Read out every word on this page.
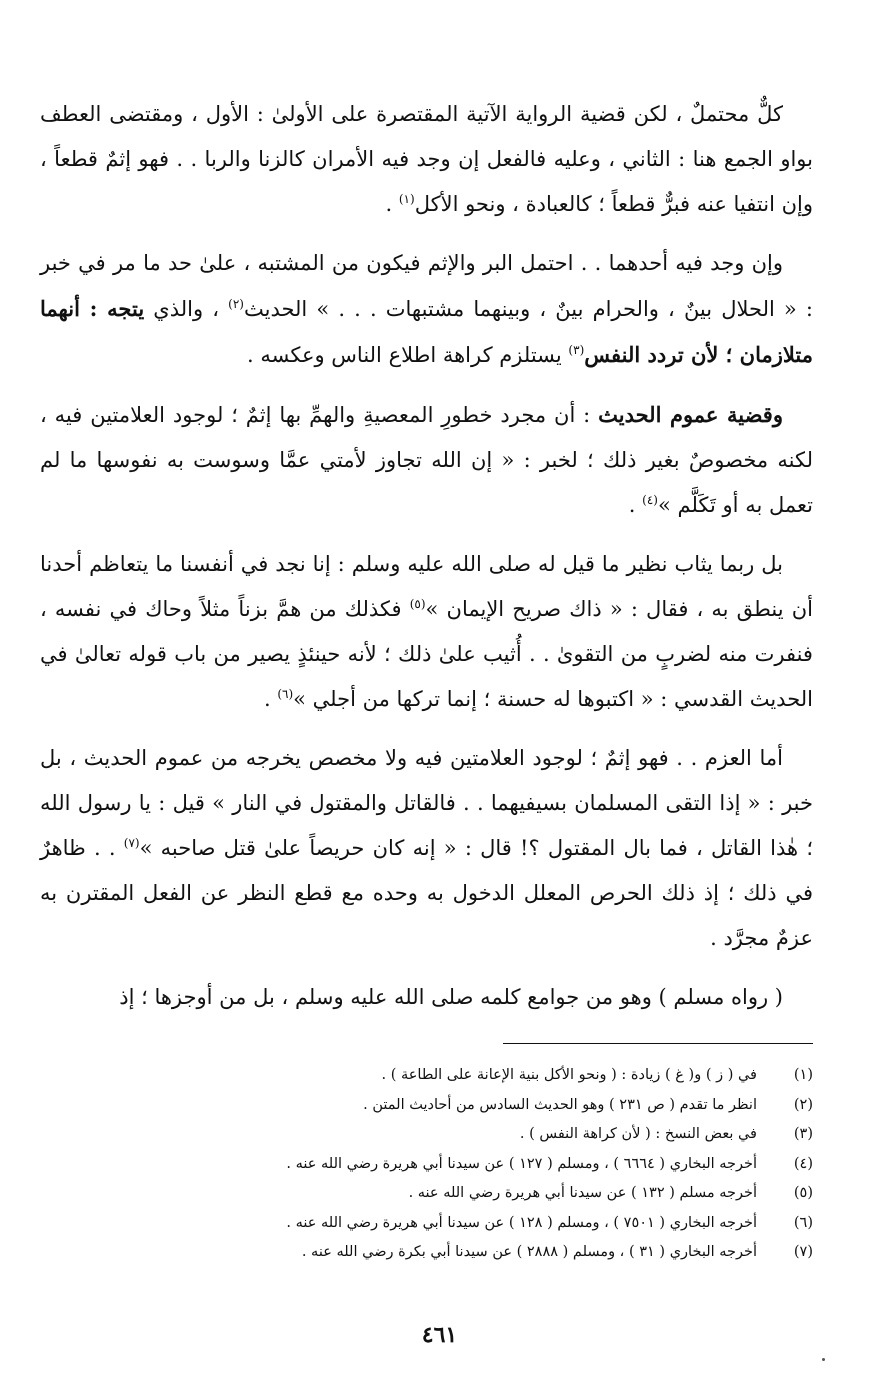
كلٌّ محتملٌ ، لكن قضية الرواية الآتية المقتصرة على الأولىٰ : الأول ، ومقتضى العطف بواو الجمع هنا : الثاني ، وعليه فالفعل إن وجد فيه الأمران كالزنا والربا . . فهو إثمٌ قطعاً ، وإن انتفيا عنه فبرٌّ قطعاً ؛ كالعبادة ، ونحو الأكل$^{(١)}$ .
وإن وجد فيه أحدهما . . احتمل البر والإثم فيكون من المشتبه ، علىٰ حد ما مر في خبر : « الحلال بينٌ ، والحرام بينٌ ، وبينهما مشتبهات . . . » الحديث$^{(٢)}$ ، والذي يتجه : أنهما متلازمان ؛ لأن تردد النفس$^{(٣)}$ يستلزم كراهة اطلاع الناس وعكسه .
وقضية عموم الحديث : أن مجرد خطورِ المعصيةِ والهمِّ بها إثمٌ ؛ لوجود العلامتين فيه ، لكنه مخصوصٌ بغير ذلك ؛ لخبر : « إن الله تجاوز لأمتي عمَّا وسوست به نفوسها ما لم تعمل به أو تَكَلَّم »$^{(٤)}$ .
بل ربما يثاب نظير ما قيل له صلى الله عليه وسلم : إنا نجد في أنفسنا ما يتعاظم أحدنا أن ينطق به ، فقال : « ذاك صريح الإيمان »$^{(٥)}$ فكذلك من همَّ بزناً مثلاً وحاك في نفسه ، فنفرت منه لضربٍ من التقوىٰ . . أُثيب علىٰ ذلك ؛ لأنه حينئذٍ يصير من باب قوله تعالىٰ في الحديث القدسي : « اكتبوها له حسنة ؛ إنما تركها من أجلي »$^{(٦)}$ .
أما العزم . . فهو إثمٌ ؛ لوجود العلامتين فيه ولا مخصص يخرجه من عموم الحديث ، بل خبر : « إذا التقى المسلمان بسيفيهما . . فالقاتل والمقتول في النار » قيل : يا رسول الله ؛ هٰذا القاتل ، فما بال المقتول ؟! قال : « إنه كان حريصاً علىٰ قتل صاحبه »$^{(٧)}$ . . ظاهرٌ في ذلك ؛ إذ ذلك الحرص المعلل الدخول به وحده مع قطع النظر عن الفعل المقترن به عزمٌ مجرَّد .
( رواه مسلم ) وهو من جوامع كلمه صلى الله عليه وسلم ، بل من أوجزها ؛ إذ
(١)
في ( ز ) و( غ ) زيادة : ( ونحو الأكل بنية الإعانة على الطاعة ) .
(٢)
انظر ما تقدم ( ص ٢٣١ ) وهو الحديث السادس من أحاديث المتن .
(٣)
في بعض النسخ : ( لأن كراهة النفس ) .
(٤)
أخرجه البخاري ( ٦٦٦٤ ) ، ومسلم ( ١٢٧ ) عن سيدنا أبي هريرة رضي الله عنه .
(٥)
أخرجه مسلم ( ١٣٢ ) عن سيدنا أبي هريرة رضي الله عنه .
(٦)
أخرجه البخاري ( ٧٥٠١ ) ، ومسلم ( ١٢٨ ) عن سيدنا أبي هريرة رضي الله عنه .
(٧)
أخرجه البخاري ( ٣١ ) ، ومسلم ( ٢٨٨٨ ) عن سيدنا أبي بكرة رضي الله عنه .
٤٦١
